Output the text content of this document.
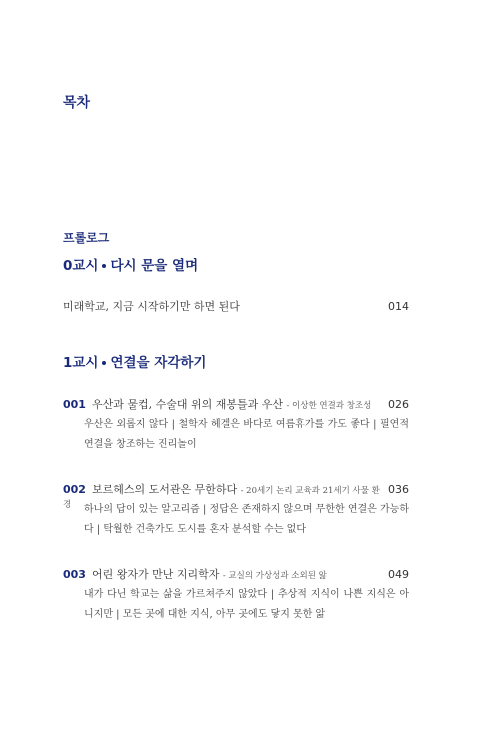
목차
프롤로그
0교시 다시 문을 열며
미래학교, 지금 시작하기만 하면 된다	014
1교시 연결을 자각하기
001 우산과 물컵, 수술대 위의 재봉틀과 우산 - 이상한 연결과 창조성 026
우산은 외롭지 않다 | 철학자 헤겔은 바다로 여름휴가를 가도 좋다 | 필연적 연결을 창조하는 진리놀이
002 보르헤스의 도서관은 무한하다 - 20세기 논리 교육과 21세기 사물 환경
036
하나의 답이 있는 알고리즘 | 정답은 존재하지 않으며 무한한 연결은 가능하다 | 탁월한 건축가도 도시를 혼자 분석할 수는 없다
003 어린 왕자가 만난 지리학자 - 교실의 가상성과 소외된 앎	049
내가 다닌 학교는 삶을 가르쳐주지 않았다 | 추상적 지식이 나쁜 지식은 아니지만 | 모든 곳에 대한 지식, 아무 곳에도 닿지 못한 앎
